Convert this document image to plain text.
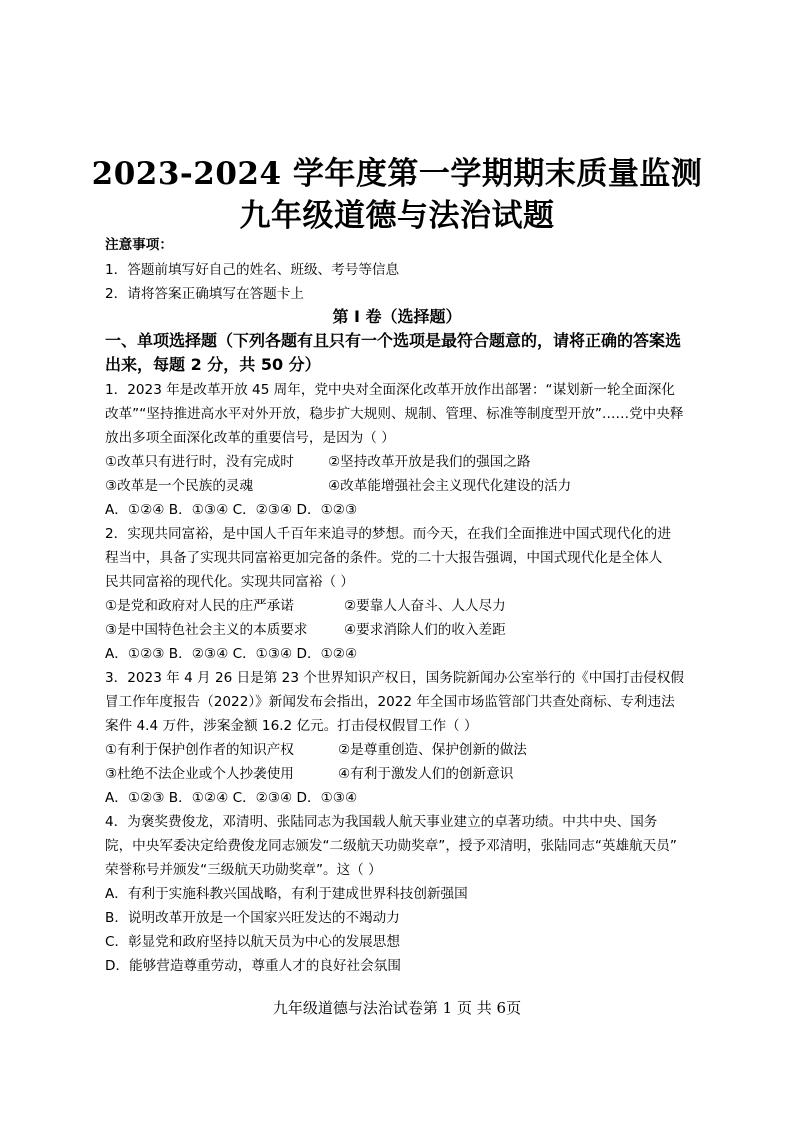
2023-2024 学年度第一学期期末质量监测
九年级道德与法治试题
注意事项：
1．答题前填写好自己的姓名、班级、考号等信息
2．请将答案正确填写在答题卡上
第 I 卷（选择题）
一、单项选择题（下列各题有且只有一个选项是最符合题意的，请将正确的答案选
出来，每题 2 分，共 50 分）
1．2023 年是改革开放 45 周年，党中央对全面深化改革开放作出部署：“谋划新一轮全面深化
改革”“坚持推进高水平对外开放，稳步扩大规则、规制、管理、标准等制度型开放”……党中央释
放出多项全面深化改革的重要信号，是因为（ ）
①改革只有进行时，没有完成时	②坚持改革开放是我们的强国之路
③改革是一个民族的灵魂	④改革能增强社会主义现代化建设的活力
A．①②④ B．①③④ C．②③④ D．①②③
2．实现共同富裕，是中国人千百年来追寻的梦想。而今天，在我们全面推进中国式现代化的进
程当中，具备了实现共同富裕更加完备的条件。党的二十大报告强调，中国式现代化是全体人
民共同富裕的现代化。实现共同富裕（ ）
①是党和政府对人民的庄严承诺	②要靠人人奋斗、人人尽力
③是中国特色社会主义的本质要求	④要求消除人们的收入差距
A．①②③ B．②③④ C．①③④ D．①②④
3．2023 年 4 月 26 日是第 23 个世界知识产权日，国务院新闻办公室举行的《中国打击侵权假
冒工作年度报告（2022）》新闻发布会指出，2022 年全国市场监管部门共查处商标、专利违法
案件 4.4 万件，涉案金额 16.2 亿元。打击侵权假冒工作（ ）
①有利于保护创作者的知识产权	②是尊重创造、保护创新的做法
③杜绝不法企业或个人抄袭使用	④有利于激发人们的创新意识
A．①②③ B．①②④ C．②③④ D．①③④
4．为褒奖费俊龙，邓清明、张陆同志为我国载人航天事业建立的卓著功绩。中共中央、国务
院，中央军委决定给费俊龙同志颁发“二级航天功勋奖章”，授予邓清明，张陆同志“英雄航天员”
荣誉称号并颁发“三级航天功勋奖章”。这（ ）
A．有利于实施科教兴国战略，有利于建成世界科技创新强国
B．说明改革开放是一个国家兴旺发达的不竭动力
C．彰显党和政府坚持以航天员为中心的发展思想
D．能够营造尊重劳动，尊重人才的良好社会氛围
九年级道德与法治试卷第 1 页 共 6页
